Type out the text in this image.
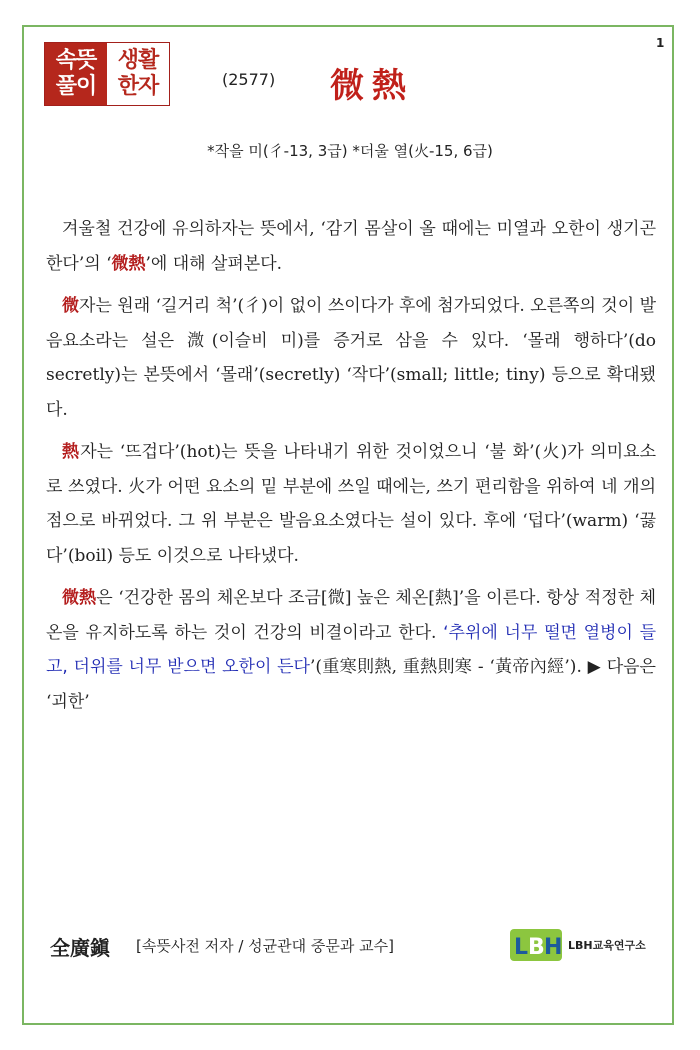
1
속뜻
풀이
생활
한자	(2577) 微熱
*작을 미(彳-13, 3급) *더울 열(火-15, 6급)

겨울철 건강에 유의하자는 뜻에서, ‘감기 몸살이 올 때에는 미열과 오한이 생기곤 한다’의 ‘微熱’에 대해 살펴본다.

微자는 원래 ‘길거리 척’(彳)이 없이 쓰이다가 후에 첨가되었다. 오른쪽의 것이 발음요소라는 설은 溦(이슬비 미)를 증거로 삼을 수 있다. ‘몰래 행하다’(do secretly)는 본뜻에서 ‘몰래’(secretly) ‘작다’(small; little; tiny) 등으로 확대됐다.

熱자는 ‘뜨겁다’(hot)는 뜻을 나타내기 위한 것이었으니 ‘불 화’(火)가 의미요소로 쓰였다. 火가 어떤 요소의 밑 부분에 쓰일 때에는, 쓰기 편리함을 위하여 네 개의 점으로 바뀌었다. 그 위 부분은 발음요소였다는 설이 있다. 후에 ‘덥다’(warm) ‘끓다’(boil) 등도 이것으로 나타냈다.

微熱은 ‘건강한 몸의 체온보다 조금[微] 높은 체온[熱]’을 이른다. 항상 적정한 체온을 유지하도록 하는 것이 건강의 비결이라고 한다. ‘추위에 너무 떨면 열병이 들고, 더위를 너무 받으면 오한이 든다’(重寒則熱, 重熱則寒 - ‘黃帝內經’). ▶ 다음은 ‘괴한’

全廣鎭 [속뜻사전 저자 / 성균관대 중문과 교수]	L B H LBH교육연구소
